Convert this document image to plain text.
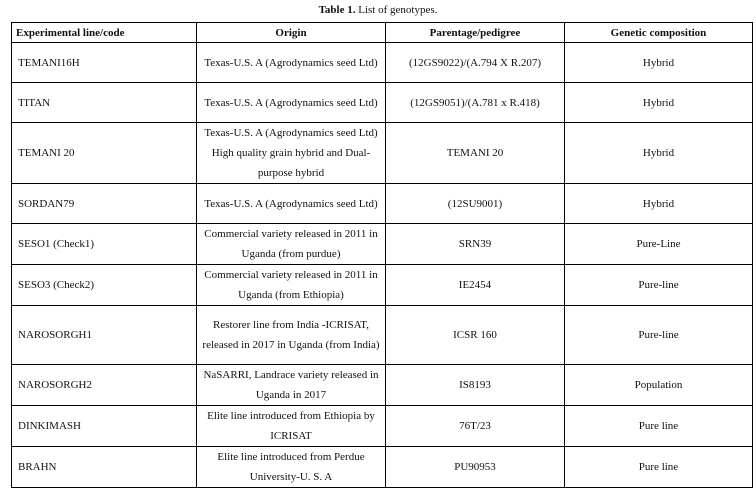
Table 1. List of genotypes.
Experimental line/code	Origin	Parentage/pedigree	Genetic composition
TEMANI16H	Texas-U.S. A (Agrodynamics seed Ltd)	(12GS9022)/(A.794 X R.207)	Hybrid
TITAN	Texas-U.S. A (Agrodynamics seed Ltd)	(12GS9051)/(A.781 x R.418)	Hybrid
TEMANI 20	Texas-U.S. A (Agrodynamics seed Ltd) High quality grain hybrid and Dual-purpose hybrid	TEMANI 20	Hybrid
SORDAN79	Texas-U.S. A (Agrodynamics seed Ltd)	(12SU9001)	Hybrid
SESO1 (Check1)	Commercial variety released in 2011 in Uganda (from purdue)	SRN39	Pure-Line
SESO3 (Check2)	Commercial variety released in 2011 in Uganda (from Ethiopia)	IE2454	Pure-line
NAROSORGH1	Restorer line from India -ICRISAT, released in 2017 in Uganda (from India)	ICSR 160	Pure-line
NAROSORGH2	NaSARRI, Landrace variety released in Uganda in 2017	IS8193	Population
DINKIMASH	Elite line introduced from Ethiopia by ICRISAT	76T/23	Pure line
BRAHN	Elite line introduced from Perdue University-U. S. A	PU90953	Pure line
